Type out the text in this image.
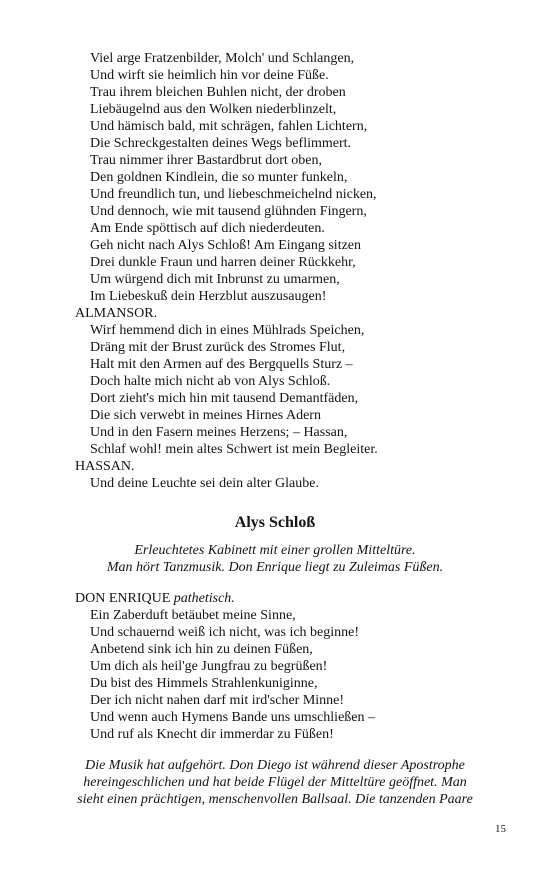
Viel arge Fratzenbilder, Molch' und Schlangen,
Und wirft sie heimlich hin vor deine Füße.
Trau ihrem bleichen Buhlen nicht, der droben
Liebäugelnd aus den Wolken niederblinzelt,
Und hämisch bald, mit schrägen, fahlen Lichtern,
Die Schreckgestalten deines Wegs beflimmert.
Trau nimmer ihrer Bastardbrut dort oben,
Den goldnen Kindlein, die so munter funkeln,
Und freundlich tun, und liebeschmeichelnd nicken,
Und dennoch, wie mit tausend glühnden Fingern,
Am Ende spöttisch auf dich niederdeuten.
Geh nicht nach Alys Schloß! Am Eingang sitzen
Drei dunkle Fraun und harren deiner Rückkehr,
Um würgend dich mit Inbrunst zu umarmen,
Im Liebeskuß dein Herzblut auszusaugen!
ALMANSOR.
Wirf hemmend dich in eines Mühlrads Speichen,
Dräng mit der Brust zurück des Stromes Flut,
Halt mit den Armen auf des Bergquells Sturz –
Doch halte mich nicht ab von Alys Schloß.
Dort zieht's mich hin mit tausend Demantfäden,
Die sich verwebt in meines Hirnes Adern
Und in den Fasern meines Herzens; – Hassan,
Schlaf wohl! mein altes Schwert ist mein Begleiter.
HASSAN.
Und deine Leuchte sei dein alter Glaube.
Alys Schloß
Erleuchtetes Kabinett mit einer grollen Mitteltüre.
Man hört Tanzmusik. Don Enrique liegt zu Zuleimas Füßen.
DON ENRIQUE pathetisch.
Ein Zaberduft betäubet meine Sinne,
Und schauernd weiß ich nicht, was ich beginne!
Anbetend sink ich hin zu deinen Füßen,
Um dich als heil'ge Jungfrau zu begrüßen!
Du bist des Himmels Strahlenkuniginne,
Der ich nicht nahen darf mit ird'scher Minne!
Und wenn auch Hymens Bande uns umschließen –
Und ruf als Knecht dir immerdar zu Füßen!
Die Musik hat aufgehört. Don Diego ist während dieser Apostrophe
hereingeschlichen und hat beide Flügel der Mitteltüre geöffnet. Man
sieht einen prächtigen, menschenvollen Ballsaal. Die tanzenden Paare
15
